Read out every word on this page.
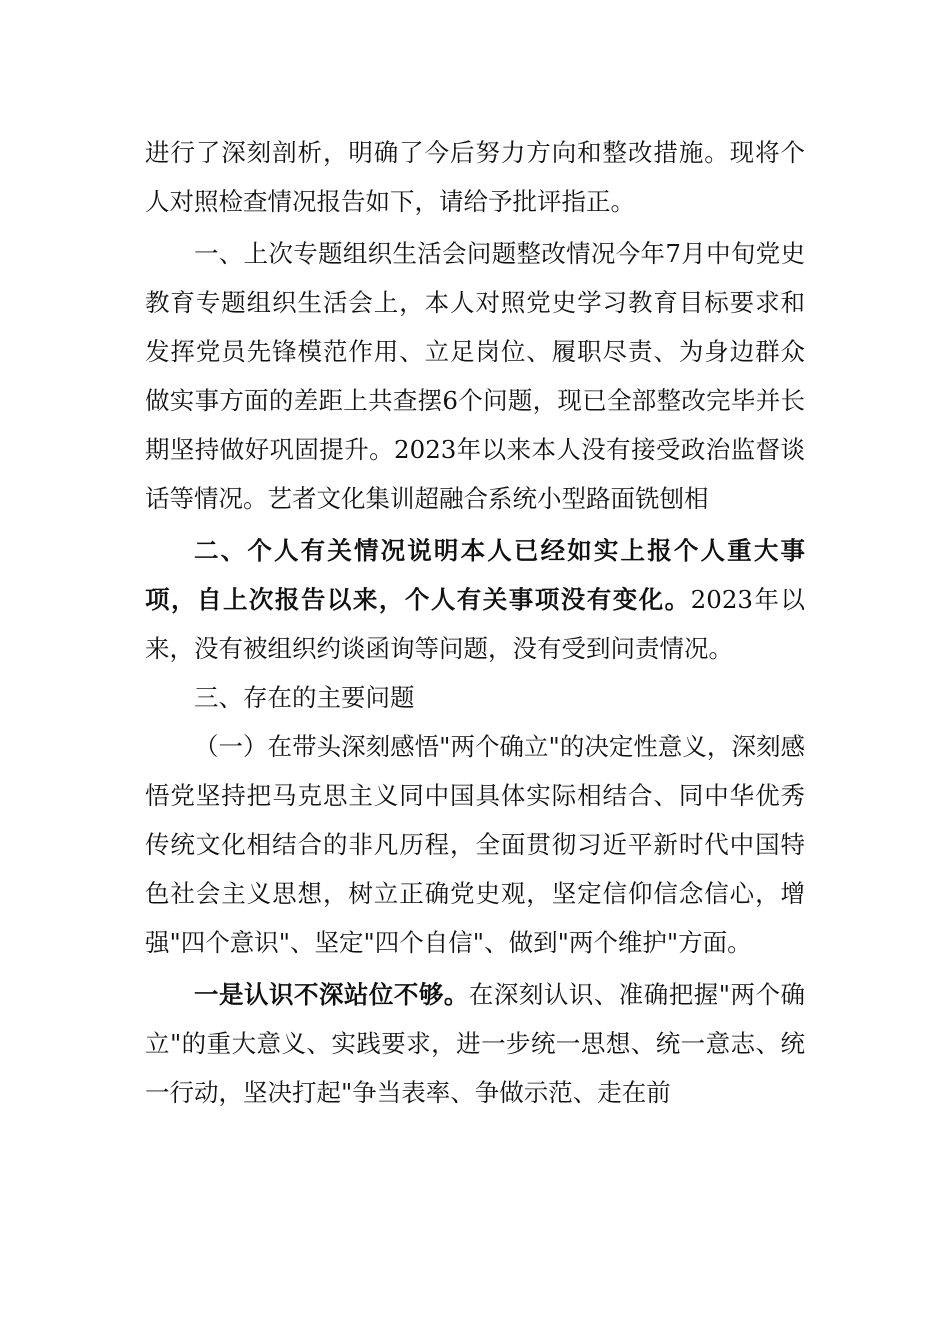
进行了深刻剖析，明确了今后努力方向和整改措施。现将个人对照检查情况报告如下，请给予批评指正。

一、上次专题组织生活会问题整改情况今年7月中旬党史教育专题组织生活会上，本人对照党史学习教育目标要求和发挥党员先锋模范作用、立足岗位、履职尽责、为身边群众做实事方面的差距上共查摆6个问题，现已全部整改完毕并长期坚持做好巩固提升。2023年以来本人没有接受政治监督谈话等情况。艺者文化集训超融合系统小型路面铣刨相

二、个人有关情况说明本人已经如实上报个人重大事项，自上次报告以来，个人有关事项没有变化。2023年以来，没有被组织约谈函询等问题，没有受到问责情况。

三、存在的主要问题

（一）在带头深刻感悟"两个确立"的决定性意义，深刻感悟党坚持把马克思主义同中国具体实际相结合、同中华优秀传统文化相结合的非凡历程，全面贯彻习近平新时代中国特色社会主义思想，树立正确党史观，坚定信仰信念信心，增强"四个意识"、坚定"四个自信"、做到"两个维护"方面。

一是认识不深站位不够。在深刻认识、准确把握"两个确立"的重大意义、实践要求，进一步统一思想、统一意志、统一行动，坚决打起"争当表率、争做示范、走在前
